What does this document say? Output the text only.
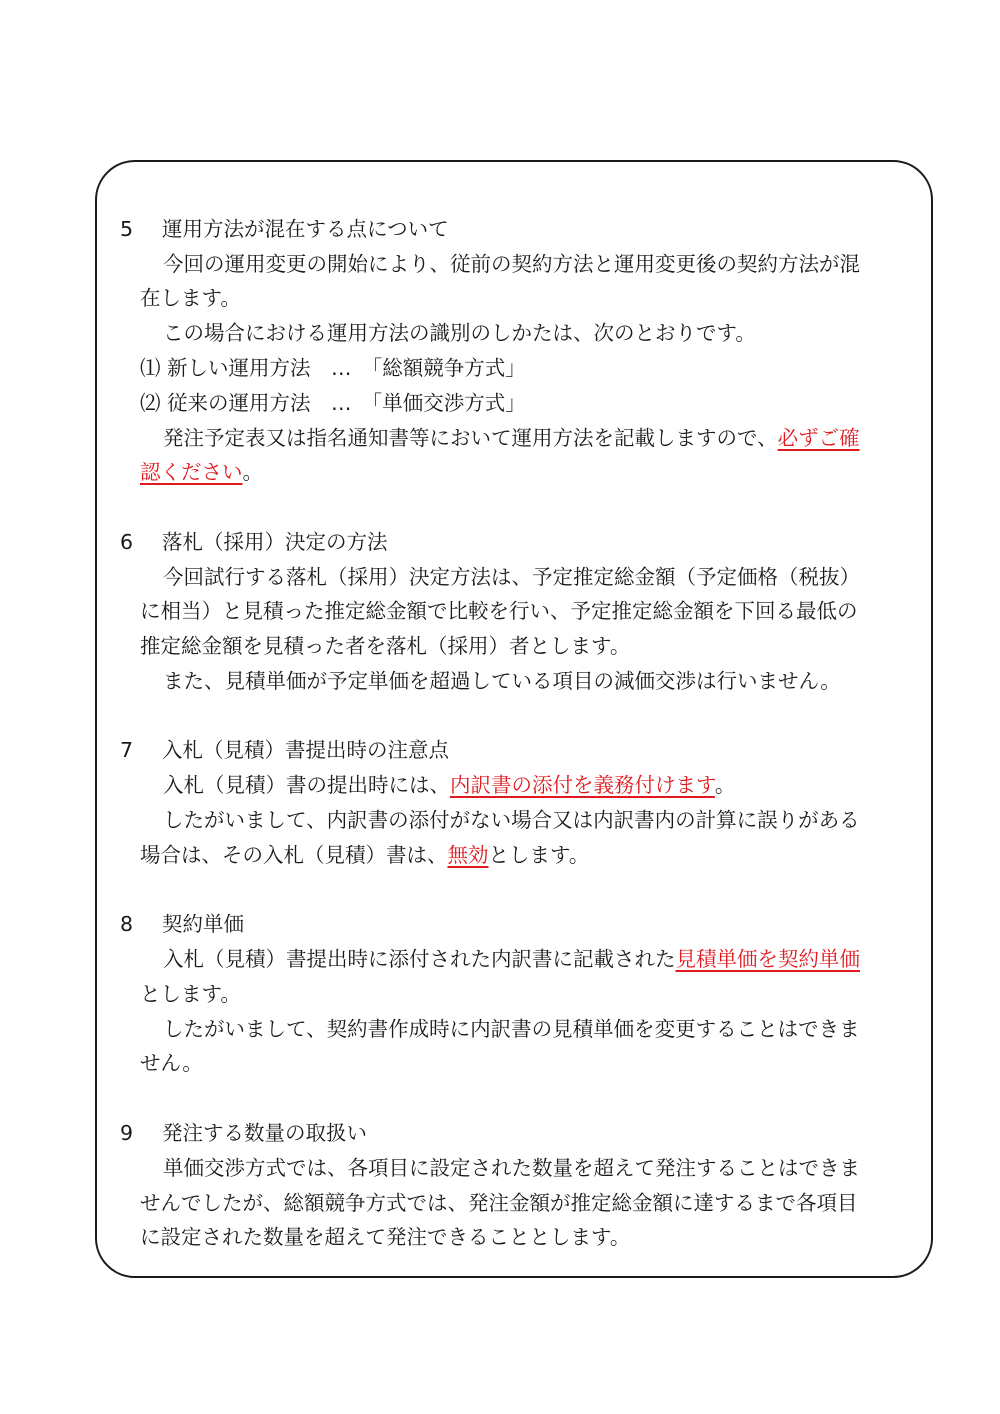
5 運用方法が混在する点について
今回の運用変更の開始により、従前の契約方法と運用変更後の契約方法が混
在します。
この場合における運用方法の識別のしかたは、次のとおりです。
⑴ 新しい運用方法　…　「総額競争方式」
⑵ 従来の運用方法　…　「単価交渉方式」
発注予定表又は指名通知書等において運用方法を記載しますので、必ずご確
認ください。
6 落札（採用）決定の方法
今回試行する落札（採用）決定方法は、予定推定総金額（予定価格（税抜）
に相当）と見積った推定総金額で比較を行い、予定推定総金額を下回る最低の
推定総金額を見積った者を落札（採用）者とします。
また、見積単価が予定単価を超過している項目の減価交渉は行いません。
7 入札（見積）書提出時の注意点
入札（見積）書の提出時には、内訳書の添付を義務付けます。
したがいまして、内訳書の添付がない場合又は内訳書内の計算に誤りがある
場合は、その入札（見積）書は、無効とします。
8 契約単価
入札（見積）書提出時に添付された内訳書に記載された見積単価を契約単価
とします。
したがいまして、契約書作成時に内訳書の見積単価を変更することはできま
せん。
9 発注する数量の取扱い
単価交渉方式では、各項目に設定された数量を超えて発注することはできま
せんでしたが、総額競争方式では、発注金額が推定総金額に達するまで各項目
に設定された数量を超えて発注できることとします。
